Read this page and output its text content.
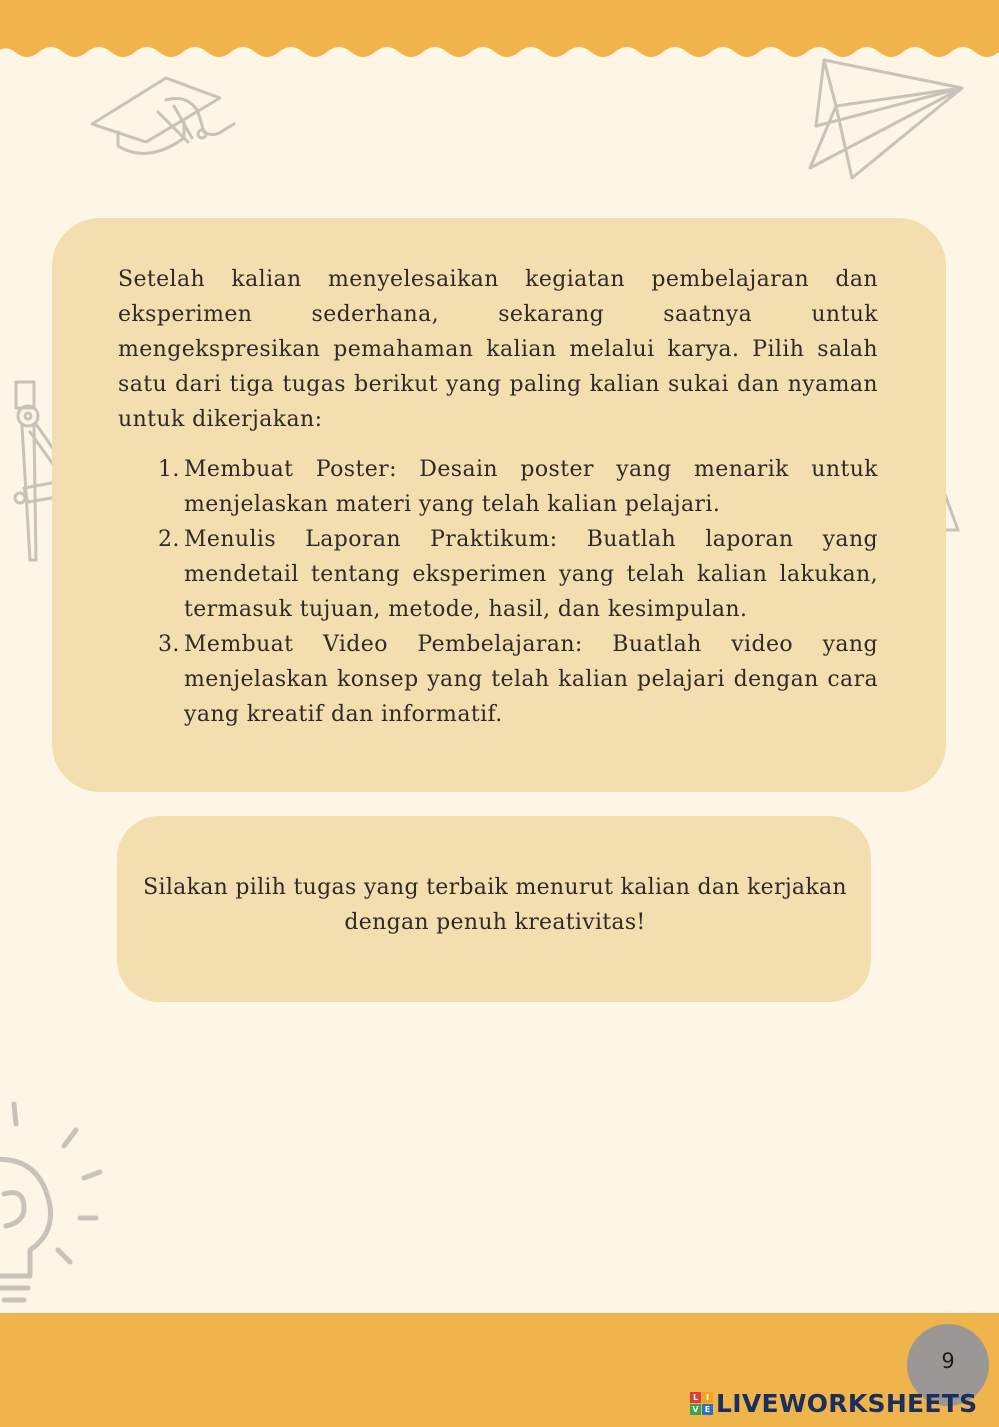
Setelah kalian menyelesaikan kegiatan pembelajaran dan eksperimen sederhana, sekarang saatnya untuk mengekspresikan pemahaman kalian melalui karya. Pilih salah satu dari tiga tugas berikut yang paling kalian sukai dan nyaman untuk dikerjakan:

1. Membuat Poster: Desain poster yang menarik untuk menjelaskan materi yang telah kalian pelajari.
2. Menulis Laporan Praktikum: Buatlah laporan yang mendetail tentang eksperimen yang telah kalian lakukan, termasuk tujuan, metode, hasil, dan kesimpulan.
3. Membuat Video Pembelajaran: Buatlah video yang menjelaskan konsep yang telah kalian pelajari dengan cara yang kreatif dan informatif.

Silakan pilih tugas yang terbaik menurut kalian dan kerjakan dengan penuh kreativitas!

9
L I
V E LIVEWORKSHEETS
